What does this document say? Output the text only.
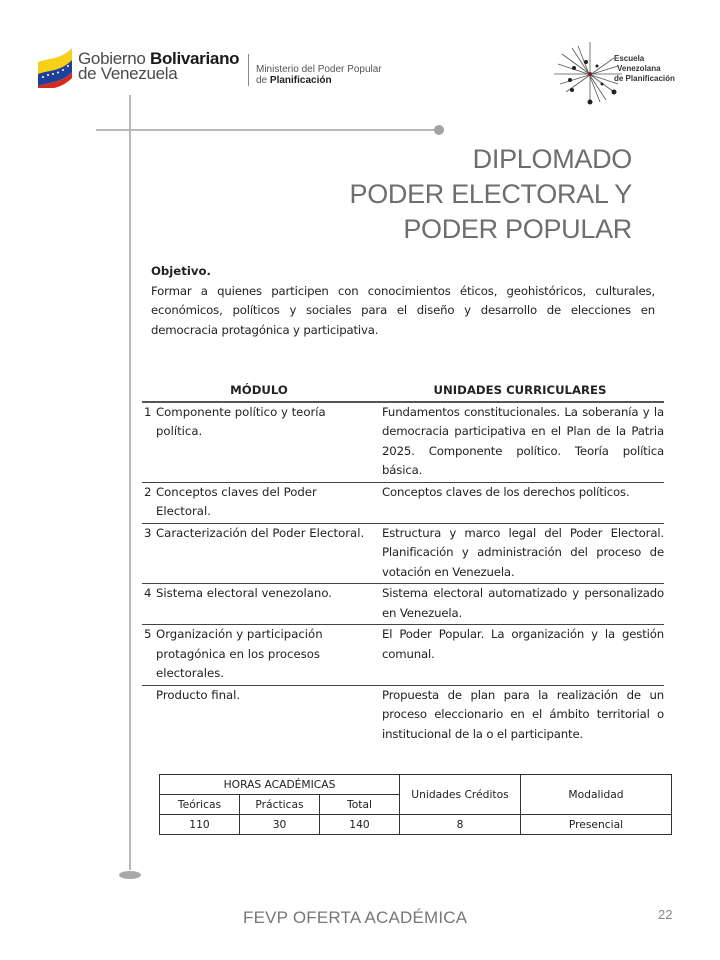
Gobierno Bolivariano
de Venezuela	Ministerio del Poder Popular
de Planificación
Escuela
Venezolana
de Planificación
DIPLOMADO
PODER ELECTORAL Y
PODER POPULAR
Objetivo.
Formar a quienes participen con conocimientos éticos, geohistóricos, culturales, económicos, políticos y sociales para el diseño y desarrollo de elecciones en democracia protagónica y participativa.
MÓDULO		UNIDADES CURRICULARES
1	Componente político y teoría política.	Fundamentos constitucionales. La soberanía y la democracia participativa en el Plan de la Patria 2025. Componente político. Teoría política básica.
2	Conceptos claves del Poder Electoral.	Conceptos claves de los derechos políticos.
3	Caracterización del Poder Electoral.	Estructura y marco legal del Poder Electoral. Planificación y administración del proceso de votación en Venezuela.
4	Sistema electoral venezolano.	Sistema electoral automatizado y personalizado en Venezuela.
5	Organización y participación protagónica en los procesos electorales.	El Poder Popular. La organización y la gestión comunal.
	Producto final.	Propuesta de plan para la realización de un proceso eleccionario en el ámbito territorial o institucional de la o el participante.
HORAS ACADÉMICAS			Unidades Créditos	Modalidad
Teóricas	Prácticas	Total		
110	30	140	8	Presencial
FEVP OFERTA ACADÉMICA	22
